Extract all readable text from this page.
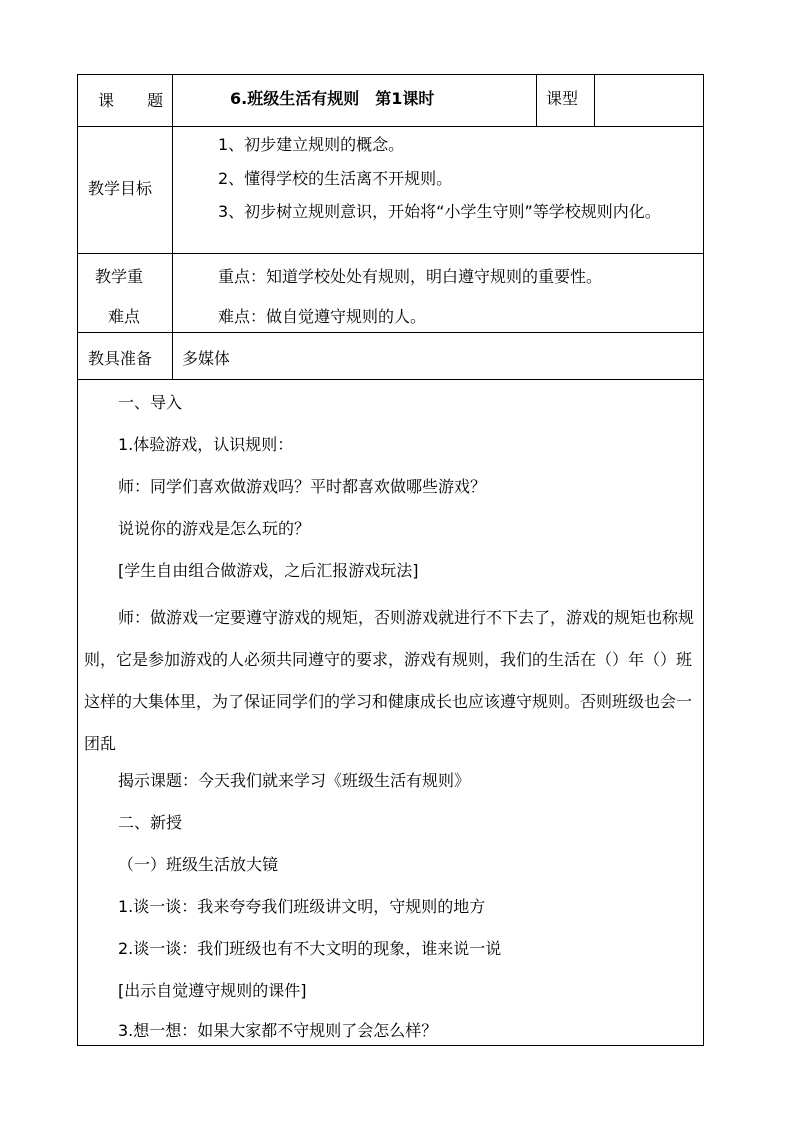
课 题	6.班级生活有规则　第1课时	课型
教学目标
1、初步建立规则的概念。
2、懂得学校的生活离不开规则。
3、初步树立规则意识，开始将“小学生守则”等学校规则内化。
教学重
难点
重点：知道学校处处有规则，明白遵守规则的重要性。
难点：做自觉遵守规则的人。
教具准备 多媒体
一、导入
1.体验游戏，认识规则：
师：同学们喜欢做游戏吗？平时都喜欢做哪些游戏？
说说你的游戏是怎么玩的？
[学生自由组合做游戏，之后汇报游戏玩法]
师：做游戏一定要遵守游戏的规矩，否则游戏就进行不下去了，游戏的规矩也称规则，它是参加游戏的人必须共同遵守的要求，游戏有规则，我们的生活在（）年（）班这样的大集体里，为了保证同学们的学习和健康成长也应该遵守规则。否则班级也会一团乱
揭示课题：今天我们就来学习《班级生活有规则》
二、新授
（一）班级生活放大镜
1.谈一谈：我来夸夸我们班级讲文明，守规则的地方
2.谈一谈：我们班级也有不大文明的现象，谁来说一说
[出示自觉遵守规则的课件]
3.想一想：如果大家都不守规则了会怎么样？
